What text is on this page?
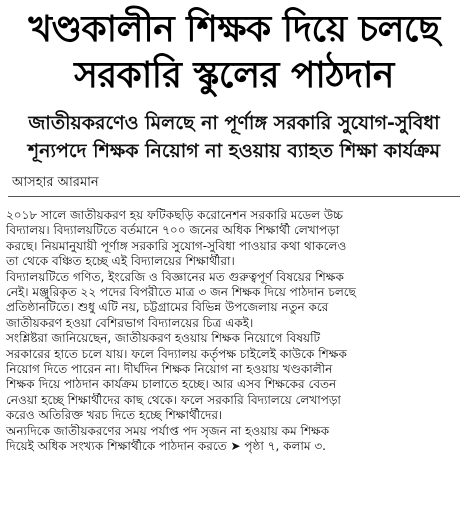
খণ্ডকালীন শিক্ষক দিয়ে চলছে
সরকারি স্কুলের পাঠদান
জাতীয়করণেও মিলছে না পূর্ণাঙ্গ সরকারি সুযোগ-সুবিধা
শূন্যপদে শিক্ষক নিয়োগ না হওয়ায় ব্যাহত শিক্ষা কার্যক্রম
আসহার আরমান

২০১৮ সালে জাতীয়করণ হয় ফটিকছড়ি করোনেশন সরকারি মডেল উচ্চ
বিদ্যালয়। বিদ্যালয়টিতে বর্তমানে ৭০০ জনের অধিক শিক্ষার্থী লেখাপড়া
করছে। নিয়মানুযায়ী পূর্ণাঙ্গ সরকারি সুযোগ-সুবিধা পাওয়ার কথা থাকলেও
তা থেকে বঞ্চিত হচ্ছে এই বিদ্যালয়ের শিক্ষার্থীরা।

বিদ্যালয়টিতে গণিত, ইংরেজি ও বিজ্ঞানের মত গুরুত্বপূর্ণ বিষয়ের শিক্ষক
নেই। মঞ্জুরিকৃত ২২ পদের বিপরীতে মাত্র ৩ জন শিক্ষক দিয়ে পাঠদান চলছে
প্রতিষ্ঠানটিতে। শুধু এটি নয়, চট্টগ্রামের বিভিন্ন উপজেলায় নতুন করে
জাতীয়করণ হওয়া বেশিরভাগ বিদ্যালয়ের চিত্র একই।

সংশ্লিষ্টরা জানিয়েছেন, জাতীয়করণ হওয়ায় শিক্ষক নিয়োগে বিষয়টি
সরকারের হাতে চলে যায়। ফলে বিদ্যালয় কর্তৃপক্ষ চাইলেই কাউকে শিক্ষক
নিয়োগ দিতে পারেন না। দীর্ঘদিন শিক্ষক নিয়োগ না হওয়ায় খণ্ডকালীন
শিক্ষক দিয়ে পাঠদান কার্যক্রম চালাতে হচ্ছে। আর এসব শিক্ষকের বেতন
নেওয়া হচ্ছে শিক্ষার্থীদের কাছ থেকে। ফলে সরকারি বিদ্যালয়ে লেখাপড়া
করেও অতিরিক্ত খরচ দিতে হচ্ছে শিক্ষার্থীদের।

অন্যদিকে জাতীয়করণের সময় পর্যাপ্ত পদ সৃজন না হওয়ায় কম শিক্ষক
দিয়েই অধিক সংখ্যক শিক্ষার্থীকে পাঠদান করতে ➤ পৃষ্ঠা ৭, কলাম ৩.
